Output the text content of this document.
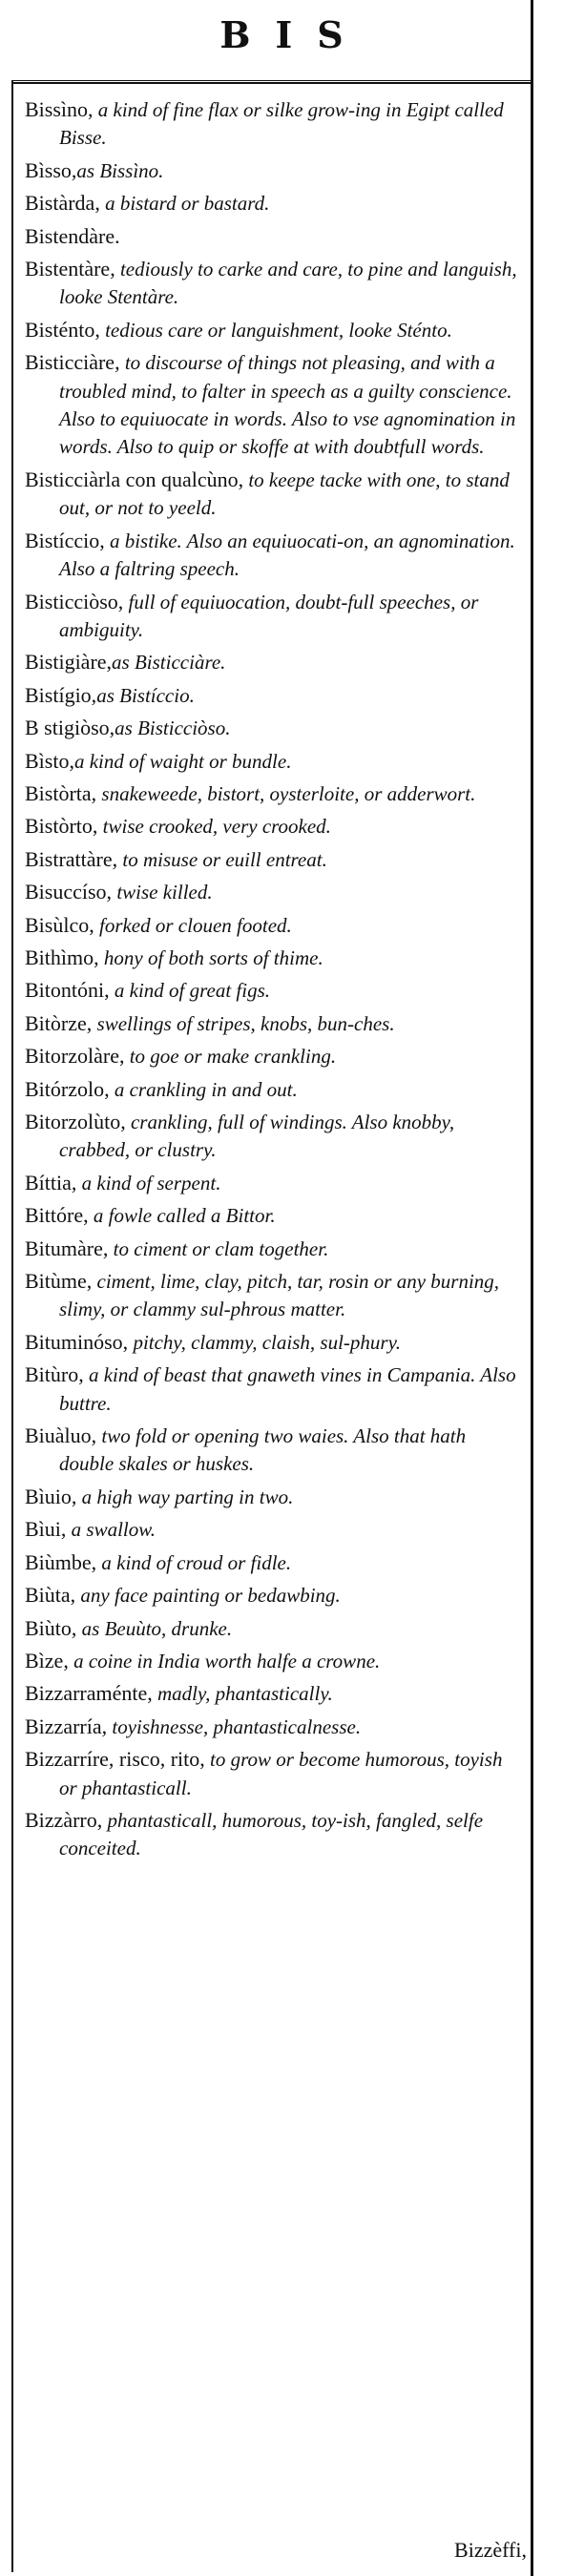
BIS

Bissìno, a kind of fine flax or silke grow-ing in Egipt called Bisse.

Bìsso,as Bissìno.

Bistàrda, a bistard or bastard.

Bistendàre.

Bistentàre, tediously to carke and care, to pine and languish, looke Stentàre.

Bisténto, tedious care or languishment, looke Sténto.

Bisticciàre, to discourse of things not pleasing, and with a troubled mind, to falter in speech as a guilty conscience. Also to equiuocate in words. Also to vse agnomination in words. Also to quip or skoffe at with doubtfull words.

Bisticciàrla con qualcùno, to keepe tacke with one, to stand out, or not to yeeld.

Bistíccio, a bistike. Also an equiuocati-on, an agnomination. Also a faltring speech.

Bisticciòso, full of equiuocation, doubt-full speeches, or ambiguity.

Bistigiàre,as Bisticciàre.

Bistígio,as Bistíccio.

B stigiòso,as Bisticciòso.

Bìsto,a kind of waight or bundle.

Bistòrta, snakeweede, bistort, oysterloite, or adderwort.

Bistòrto, twise crooked, very crooked.

Bistrattàre, to misuse or euill entreat.

Bisuccíso, twise killed.

Bisùlco, forked or clouen footed.

Bithìmo, hony of both sorts of thime.

Bitontóni, a kind of great figs.

Bitòrze, swellings of stripes, knobs, bun-ches.

Bitorzolàre, to goe or make crankling.

Bitórzolo, a crankling in and out.

Bitorzolùto, crankling, full of windings. Also knobby, crabbed, or clustry.

Bíttia, a kind of serpent.

Bittóre, a fowle called a Bittor.

Bitumàre, to ciment or clam together.

Bitùme, ciment, lime, clay, pitch, tar, rosin or any burning, slimy, or clammy sul-phrous matter.

Bituminóso, pitchy, clammy, claish, sul-phury.

Bitùro, a kind of beast that gnaweth vines in Campania. Also buttre.

Biuàluo, two fold or opening two waies. Also that hath double skales or huskes.

Bìuio, a high way parting in two.

Bìui, a swallow.

Biùmbe, a kind of croud or fidle.

Biùta, any face painting or bedawbing.

Biùto, as Beuùto, drunke.

Bìze, a coine in India worth halfe a crowne.

Bizzarraménte, madly, phantastically.

Bizzarría, toyishnesse, phantasticalnesse.

Bizzarríre, risco, rito, to grow or become humorous, toyish or phantasticall.

Bizzàrro, phantasticall, humorous, toy-ish, fangled, selfe conceited.

Bizzèffi,
